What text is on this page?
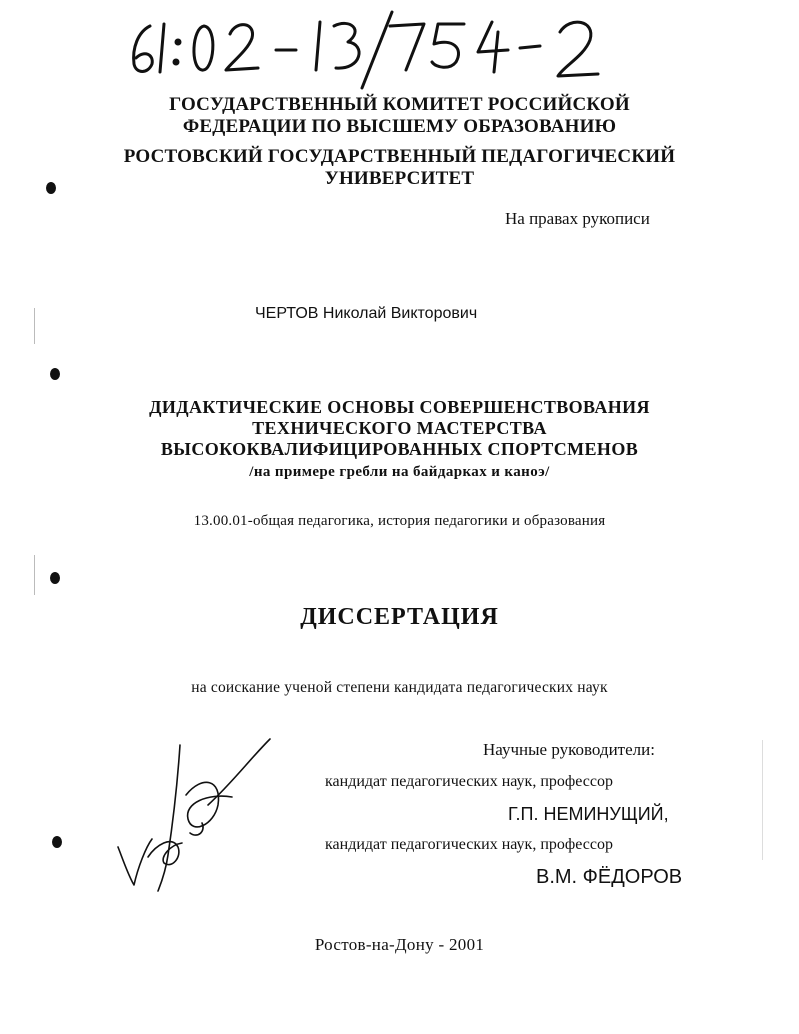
ГОСУДАРСТВЕННЫЙ КОМИТЕТ РОССИЙСКОЙ
ФЕДЕРАЦИИ ПО ВЫСШЕМУ ОБРАЗОВАНИЮ
РОСТОВСКИЙ ГОСУДАРСТВЕННЫЙ ПЕДАГОГИЧЕСКИЙ
УНИВЕРСИТЕТ
На правах рукописи
ЧЕРТОВ Николай Викторович
ДИДАКТИЧЕСКИЕ ОСНОВЫ СОВЕРШЕНСТВОВАНИЯ
ТЕХНИЧЕСКОГО МАСТЕРСТВА
ВЫСОКОКВАЛИФИЦИРОВАННЫХ СПОРТСМЕНОВ
/на примере гребли на байдарках и каноэ/
13.00.01-общая педагогика, история педагогики и образования
ДИССЕРТАЦИЯ
на соискание ученой степени кандидата педагогических наук
Научные руководители:
кандидат педагогических наук, профессор
Г.П. НЕМИНУЩИЙ,
кандидат педагогических наук, профессор
В.М. ФЁДОРОВ
Ростов-на-Дону - 2001
